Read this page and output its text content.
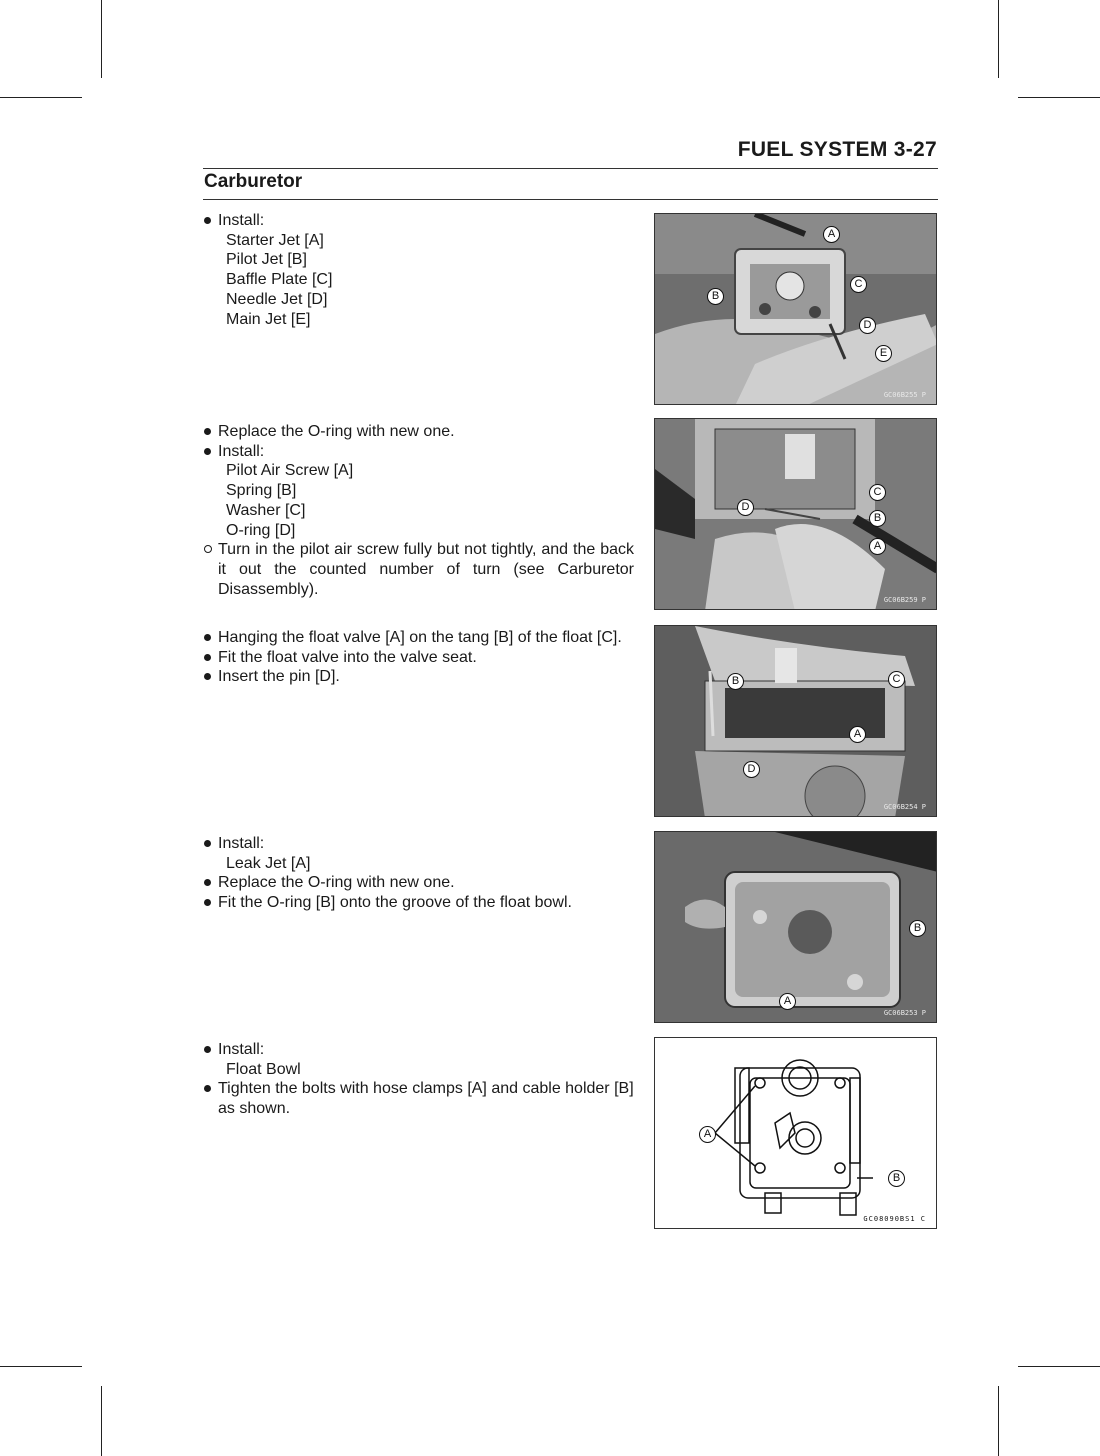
FUEL SYSTEM 3-27
Carburetor
Install:
Starter Jet [A]
Pilot Jet [B]
Baffle Plate [C]
Needle Jet [D]
Main Jet [E]
Replace the O-ring with new one.
Install:
Pilot Air Screw [A]
Spring [B]
Washer [C]
O-ring [D]
Turn in the pilot air screw fully but not tightly, and the back it out the counted number of turn (see Carburetor Disassembly).
Hanging the float valve [A] on the tang [B] of the float [C].
Fit the float valve into the valve seat.
Insert the pin [D].
Install:
Leak Jet [A]
Replace the O-ring with new one.
Fit the O-ring [B] onto the groove of the float bowl.
Install:
Float Bowl
Tighten the bolts with hose clamps [A] and cable holder [B] as shown.
A
B
C
D
E
GC06B255 P
C
D
B
A
GC06B259 P
B	C
A
D
GC06B254 P
B
A
GC06B253 P
A
B
GC08090BS1 C
